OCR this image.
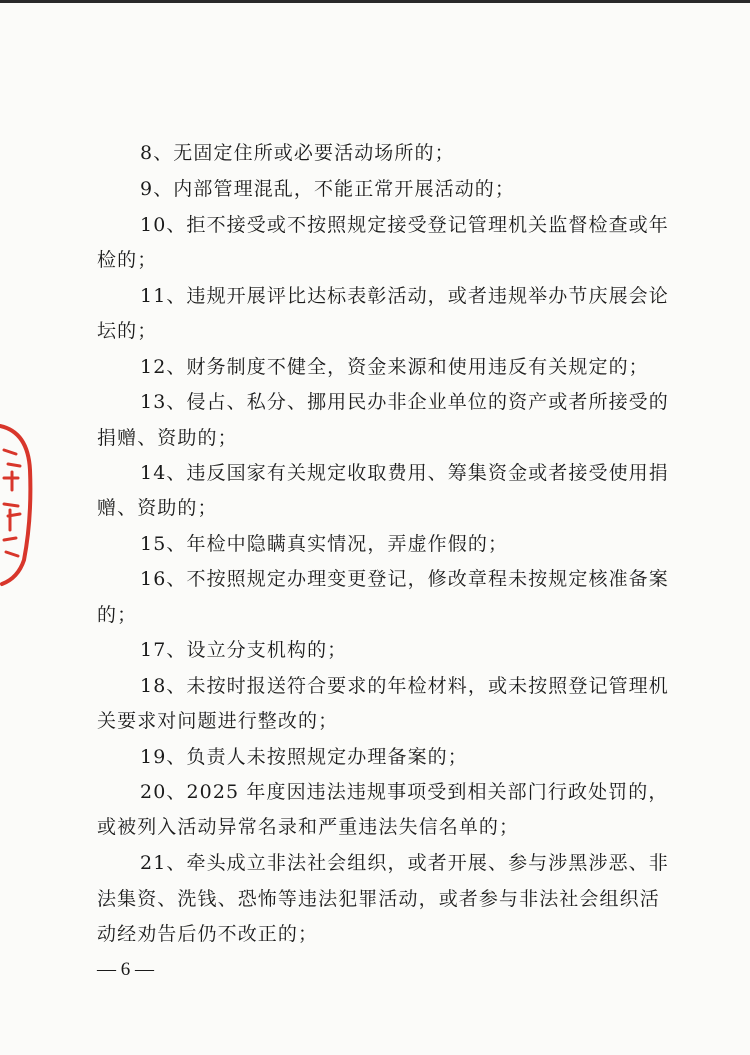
8、无固定住所或必要活动场所的；
9、内部管理混乱，不能正常开展活动的；
10、拒不接受或不按照规定接受登记管理机关监督检查或年
检的；
11、违规开展评比达标表彰活动，或者违规举办节庆展会论
坛的；
12、财务制度不健全，资金来源和使用违反有关规定的；
13、侵占、私分、挪用民办非企业单位的资产或者所接受的
捐赠、资助的；
14、违反国家有关规定收取费用、筹集资金或者接受使用捐
赠、资助的；
15、年检中隐瞒真实情况，弄虚作假的；
16、不按照规定办理变更登记，修改章程未按规定核准备案
的；
17、设立分支机构的；
18、未按时报送符合要求的年检材料，或未按照登记管理机
关要求对问题进行整改的；
19、负责人未按照规定办理备案的；
20、2025 年度因违法违规事项受到相关部门行政处罚的，
或被列入活动异常名录和严重违法失信名单的；
21、牵头成立非法社会组织，或者开展、参与涉黑涉恶、非
法集资、洗钱、恐怖等违法犯罪活动，或者参与非法社会组织活
动经劝告后仍不改正的；
— 6 —
